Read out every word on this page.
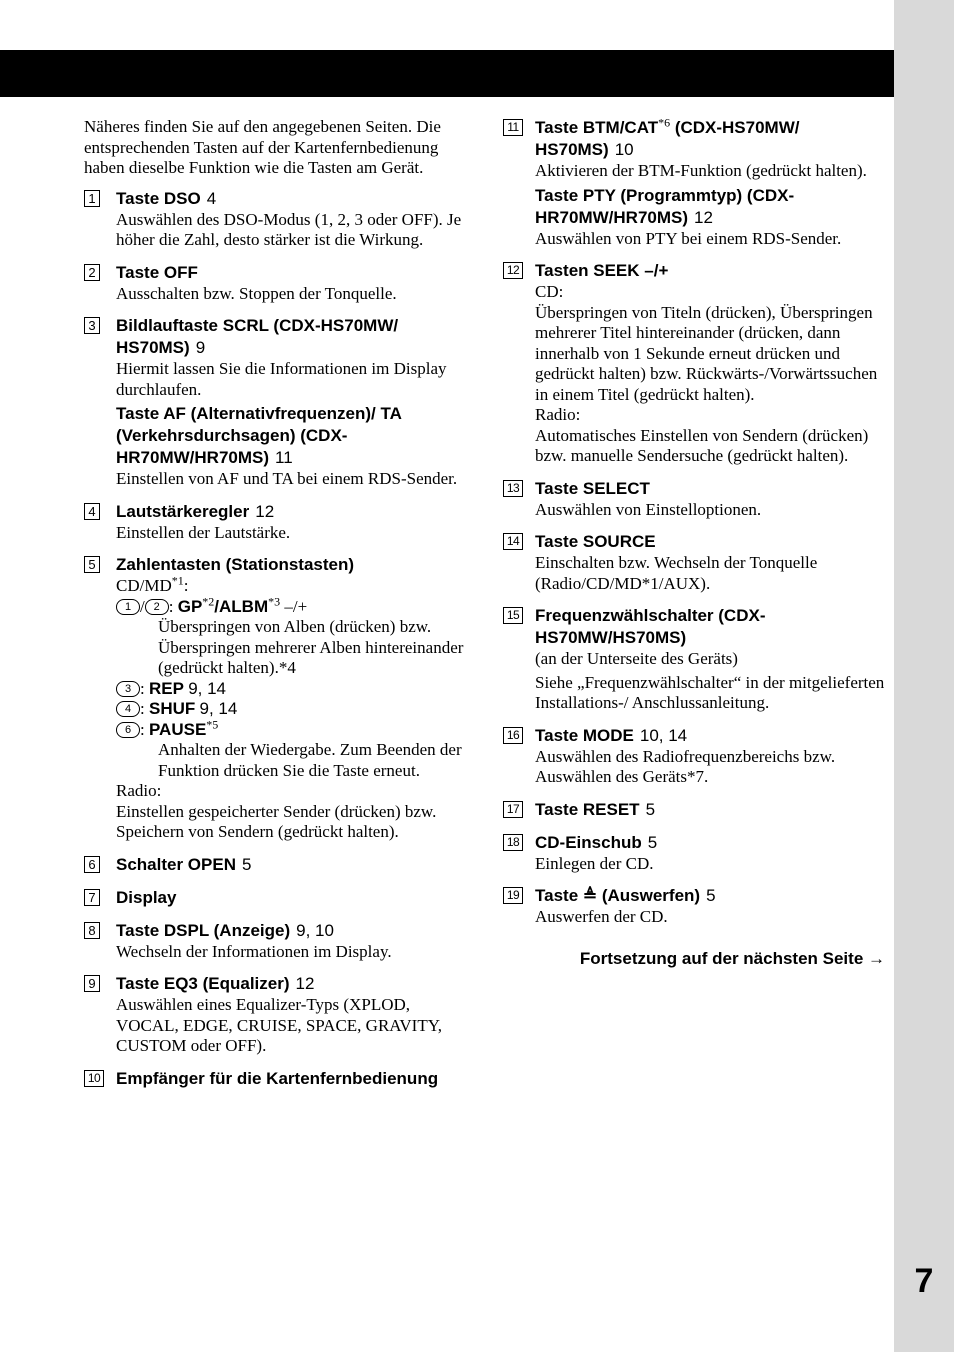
7
Näheres finden Sie auf den angegebenen Seiten. Die entsprechenden Tasten auf der Kartenfernbedienung haben dieselbe Funktion wie die Tasten am Gerät.
1 Taste DSO 4
Auswählen des DSO-Modus (1, 2, 3 oder OFF). Je höher die Zahl, desto stärker ist die Wirkung.
2 Taste OFF
Ausschalten bzw. Stoppen der Tonquelle.
3 Bildlauftaste SCRL (CDX-HS70MW/ HS70MS) 9
Hiermit lassen Sie die Informationen im Display durchlaufen.
Taste AF (Alternativfrequenzen)/ TA (Verkehrsdurchsagen) (CDX-HR70MW/HR70MS) 11
Einstellen von AF und TA bei einem RDS-Sender.
4 Lautstärkeregler 12
Einstellen der Lautstärke.
5 Zahlentasten (Stationstasten)
CD/MD$^{*1}$:
1 / 2 : GP$^{*2}$/ALBM$^{*3}$ –/+
Überspringen von Alben (drücken) bzw. Überspringen mehrerer Alben hintereinander (gedrückt halten).*4
3 : REP 9, 14
4 : SHUF 9, 14
6 : PAUSE$^{*5}$
Anhalten der Wiedergabe. Zum Beenden der Funktion drücken Sie die Taste erneut.
Radio:
Einstellen gespeicherter Sender (drücken) bzw. Speichern von Sendern (gedrückt halten).
6 Schalter OPEN 5
7 Display
8 Taste DSPL (Anzeige) 9, 10
Wechseln der Informationen im Display.
9 Taste EQ3 (Equalizer) 12
Auswählen eines Equalizer-Typs (XPLOD, VOCAL, EDGE, CRUISE, SPACE, GRAVITY, CUSTOM oder OFF).
10 Empfänger für die Kartenfernbedienung
11 Taste BTM/CAT$^{*6}$ (CDX-HS70MW/ HS70MS) 10
Aktivieren der BTM-Funktion (gedrückt halten).
Taste PTY (Programmtyp) (CDX-HR70MW/HR70MS) 12
Auswählen von PTY bei einem RDS-Sender.
12 Tasten SEEK –/+
CD:
Überspringen von Titeln (drücken), Überspringen mehrerer Titel hintereinander (drücken, dann innerhalb von 1 Sekunde erneut drücken und gedrückt halten) bzw. Rückwärts-/Vorwärtssuchen in einem Titel (gedrückt halten).
Radio:
Automatisches Einstellen von Sendern (drücken) bzw. manuelle Sendersuche (gedrückt halten).
13 Taste SELECT
Auswählen von Einstelloptionen.
14 Taste SOURCE
Einschalten bzw. Wechseln der Tonquelle (Radio/CD/MD*1/AUX).
15 Frequenzwählschalter (CDX-HS70MW/HS70MS)
(an der Unterseite des Geräts)
Siehe „Frequenzwählschalter“ in der mitgelieferten Installations-/ Anschlussanleitung.
16 Taste MODE 10, 14
Auswählen des Radiofrequenzbereichs bzw. Auswählen des Geräts*7.
17 Taste RESET 5
18 CD-Einschub 5
Einlegen der CD.
19 Taste ≜ (Auswerfen) 5
Auswerfen der CD.
Fortsetzung auf der nächsten Seite →
